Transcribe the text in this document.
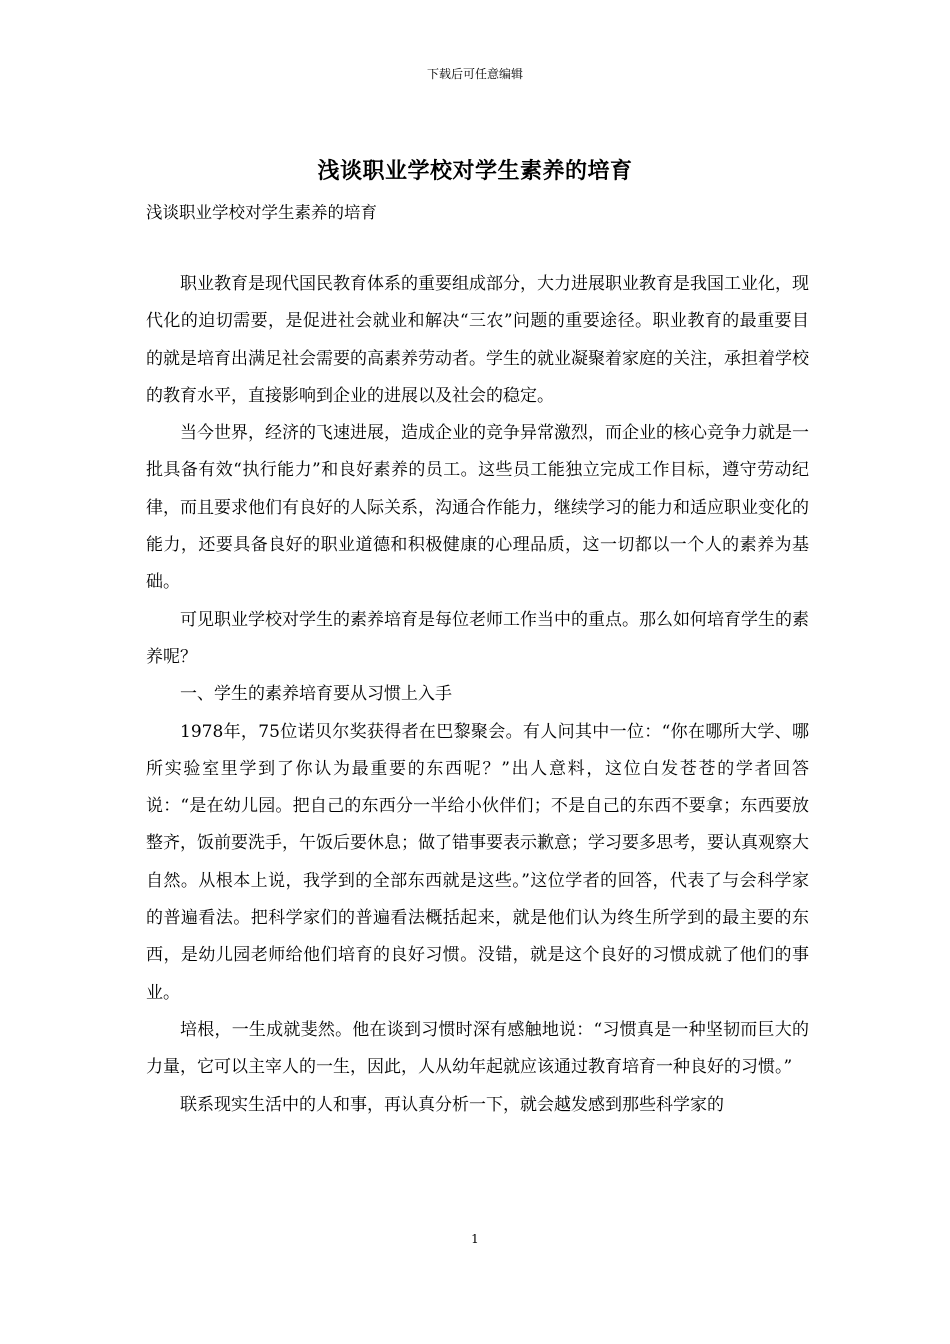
下载后可任意编辑
浅谈职业学校对学生素养的培育
浅谈职业学校对学生素养的培育

职业教育是现代国民教育体系的重要组成部分，大力进展职业教育是我国工业化，现代化的迫切需要，是促进社会就业和解决“三农”问题的重要途径。职业教育的最重要目的就是培育出满足社会需要的高素养劳动者。学生的就业凝聚着家庭的关注，承担着学校的教育水平，直接影响到企业的进展以及社会的稳定。

当今世界，经济的飞速进展，造成企业的竞争异常激烈，而企业的核心竞争力就是一批具备有效“执行能力”和良好素养的员工。这些员工能独立完成工作目标，遵守劳动纪律，而且要求他们有良好的人际关系，沟通合作能力，继续学习的能力和适应职业变化的能力，还要具备良好的职业道德和积极健康的心理品质，这一切都以一个人的素养为基础。

可见职业学校对学生的素养培育是每位老师工作当中的重点。那么如何培育学生的素养呢？

一、学生的素养培育要从习惯上入手

1978年，75位诺贝尔奖获得者在巴黎聚会。有人问其中一位：“你在哪所大学、哪所实验室里学到了你认为最重要的东西呢？”出人意料，这位白发苍苍的学者回答说：“是在幼儿园。把自己的东西分一半给小伙伴们；不是自己的东西不要拿；东西要放整齐，饭前要洗手，午饭后要休息；做了错事要表示歉意；学习要多思考，要认真观察大自然。从根本上说，我学到的全部东西就是这些。”这位学者的回答，代表了与会科学家的普遍看法。把科学家们的普遍看法概括起来，就是他们认为终生所学到的最主要的东西，是幼儿园老师给他们培育的良好习惯。没错，就是这个良好的习惯成就了他们的事业。

培根，一生成就斐然。他在谈到习惯时深有感触地说：“习惯真是一种坚韧而巨大的力量，它可以主宰人的一生，因此，人从幼年起就应该通过教育培育一种良好的习惯。”

联系现实生活中的人和事，再认真分析一下，就会越发感到那些科学家的

1
